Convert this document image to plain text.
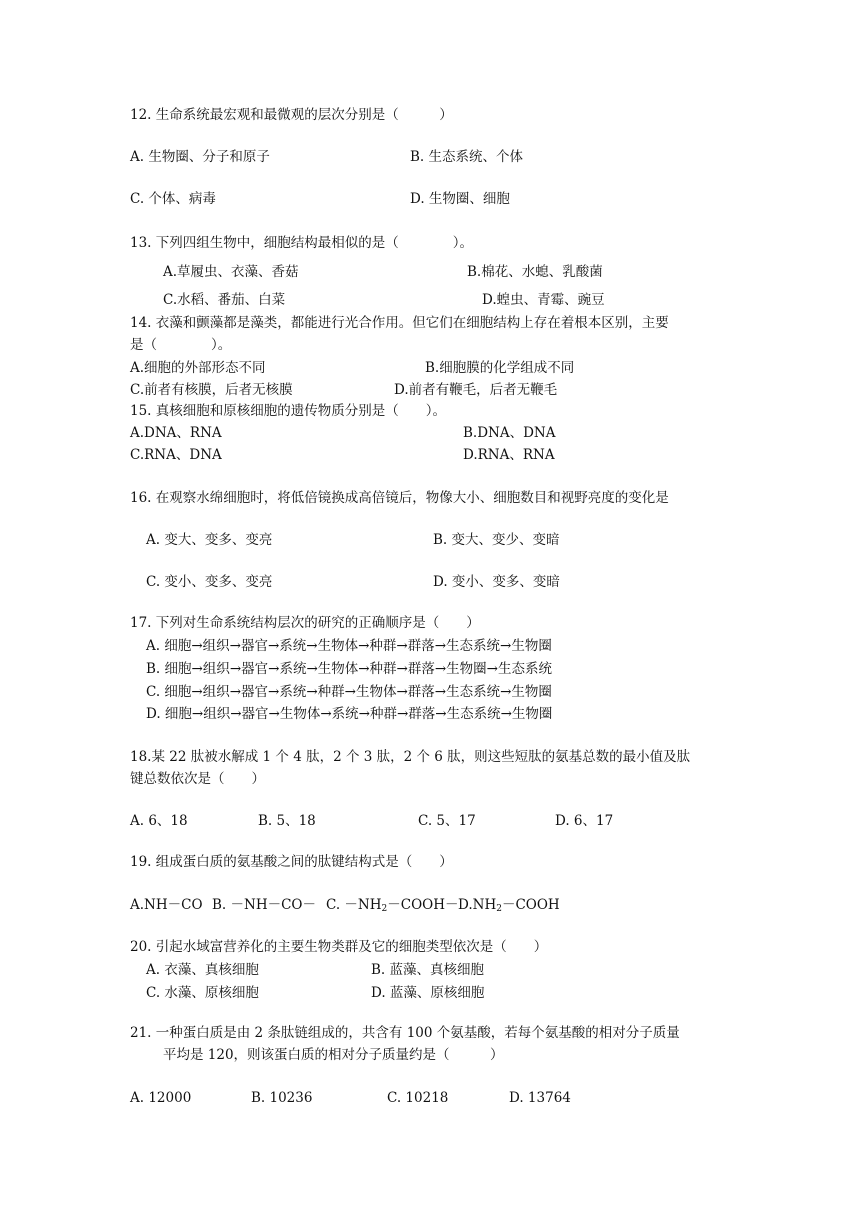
12. 生命系统最宏观和最微观的层次分别是（　　　）
A. 生物圈、分子和原子	B. 生态系统、个体
C. 个体、病毒	D. 生物圈、细胞
13. 下列四组生物中，细胞结构最相似的是（　　　　）。
A.草履虫、衣藻、香菇	B.棉花、水螅、乳酸菌
C.水稻、番茄、白菜	D.蝗虫、青霉、豌豆
14. 衣藻和颤藻都是藻类，都能进行光合作用。但它们在细胞结构上存在着根本区别，主要
是（　　　　）。
A.细胞的外部形态不同	B.细胞膜的化学组成不同
C.前者有核膜，后者无核膜	D.前者有鞭毛，后者无鞭毛
15. 真核细胞和原核细胞的遗传物质分别是（　　）。
A.DNA、RNA	B.DNA、DNA
C.RNA、DNA	D.RNA、RNA
16. 在观察水绵细胞时，将低倍镜换成高倍镜后，物像大小、细胞数目和视野亮度的变化是
A. 变大、变多、变亮	B. 变大、变少、变暗
C. 变小、变多、变亮	D. 变小、变多、变暗
17. 下列对生命系统结构层次的研究的正确顺序是（　　）
A. 细胞→组织→器官→系统→生物体→种群→群落→生态系统→生物圈
B. 细胞→组织→器官→系统→生物体→种群→群落→生物圈→生态系统
C. 细胞→组织→器官→系统→种群→生物体→群落→生态系统→生物圈
D. 细胞→组织→器官→生物体→系统→种群→群落→生态系统→生物圈
18.某 22 肽被水解成 1 个 4 肽，2 个 3 肽，2 个 6 肽，则这些短肽的氨基总数的最小值及肽
键总数依次是（　　）
A. 6、18	B. 5、18	C. 5、17	D. 6、17
19. 组成蛋白质的氨基酸之间的肽键结构式是（　　）
A.NH－CO B. －NH－CO－ C. $-NH_2-COOH-$ $D.NH_2-COOH$
20. 引起水域富营养化的主要生物类群及它的细胞类型依次是（　　）
A. 衣藻、真核细胞	B. 蓝藻、真核细胞
C. 水藻、原核细胞	D. 蓝藻、原核细胞
21. 一种蛋白质是由 2 条肽链组成的，共含有 100 个氨基酸，若每个氨基酸的相对分子质量
平均是 120，则该蛋白质的相对分子质量约是（　　　）
A. 12000	B. 10236	C. 10218	D. 13764
